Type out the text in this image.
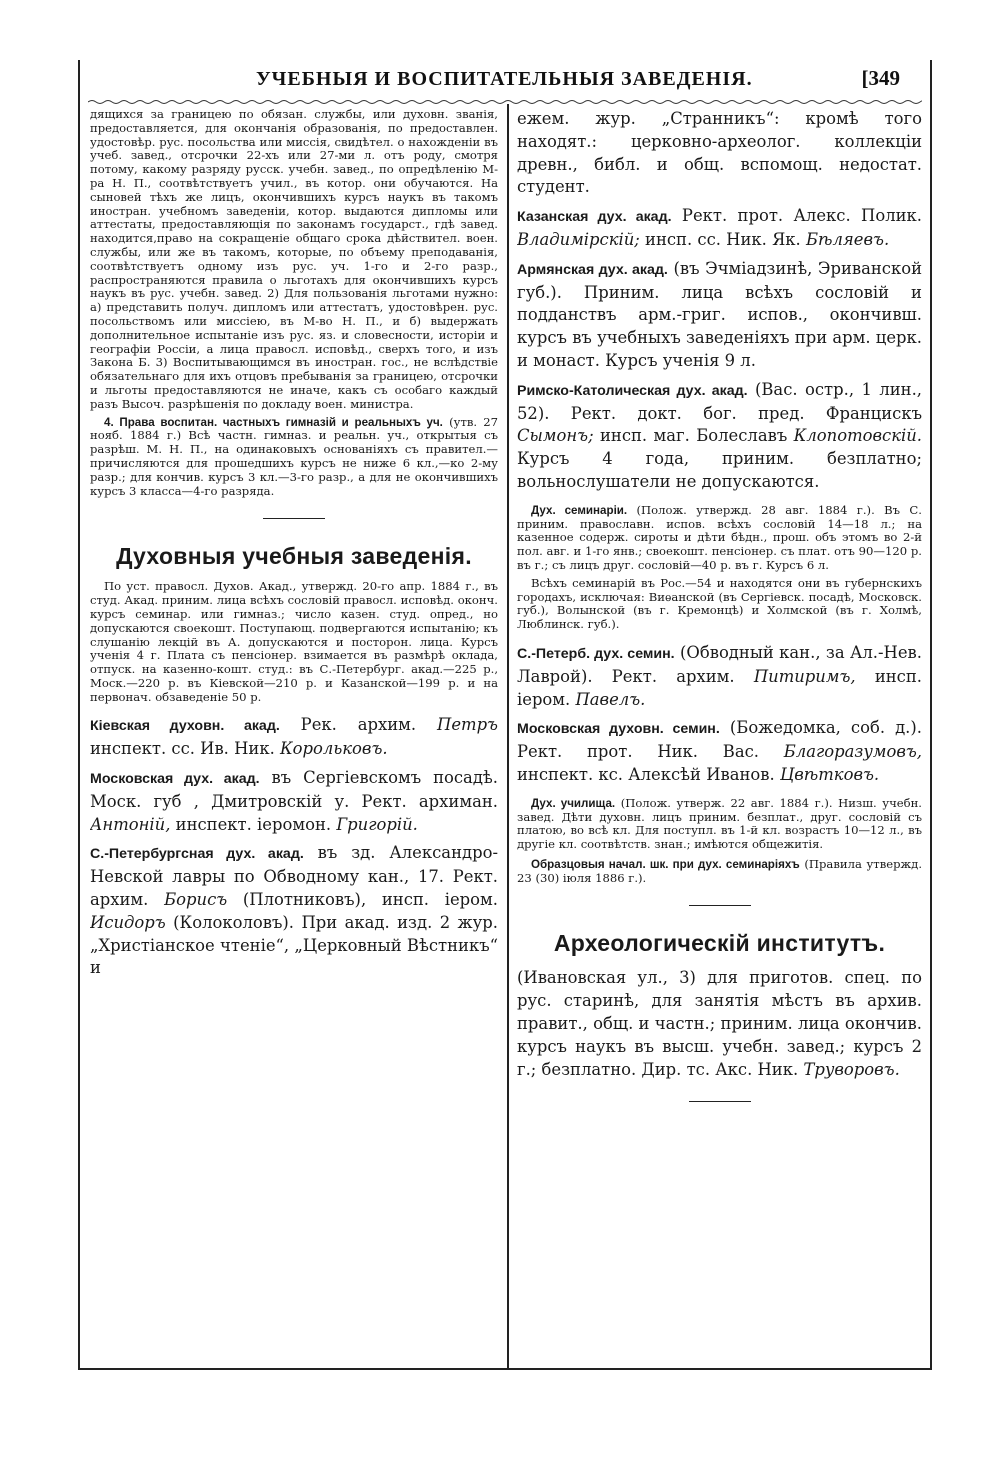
УЧЕБНЫЯ И ВОСПИТАТЕЛЬНЫЯ ЗАВЕДЕНІЯ.	[349

дящихся за границею по обязан. службы, или духовн. званія, предоставляется, для окончанія образованія, по предоставлен. удостовѣр. рус. посольства или миссія, свидѣтел. о нахожденіи въ учеб. завед., отсрочки 22-хъ или 27-ми л. отъ роду, смотря потому, какому разряду русск. учебн. завед., по опредѣленію М-ра Н. П., соотвѣтствуетъ учил., въ котор. они обучаются. На сыновей тѣхъ же лицъ, окончившихъ курсъ наукъ въ такомъ иностран. учебномъ заведеніи, котор. выдаются дипломы или аттестаты, предоставляющія по законамъ государст., гдѣ завед. находится,право на сокращеніе общаго срока дѣйствител. воен. службы, или же въ такомъ, которые, по объему преподаванія, соотвѣтствуетъ одному изъ рус. уч. 1-го и 2-го разр., распространяются правила о льготахъ для окончившихъ курсъ наукъ въ рус. учебн. завед. 2) Для пользованія льготами нужно: а) представить получ. дипломъ или аттестатъ, удостовѣрен. рус. посольствомъ или миссіею, въ М-во Н. П., и б) выдержать дополнительное испытаніе изъ рус. яз. и словесности, исторіи и географіи Россіи, а лица правосл. исповѣд., сверхъ того, и изъ Закона Б. 3) Воспитывающимся въ иностран. гос., не вслѣдствіе обязательнаго для ихъ отцовъ пребыванія за границею, отсрочки и льготы предоставляются не иначе, какъ съ особаго каждый разъ Высоч. разрѣшенія по докладу воен. министра.

4. Права воспитан. частныхъ гимназій и реальныхъ уч. (утв. 27 нояб. 1884 г.) Всѣ частн. гимназ. и реальн. уч., открытыя съ разрѣш. М. Н. П., на одинаковыхъ основаніяхъ съ правител.—причисляются для прошедшихъ курсъ не ниже 6 кл.,—ко 2-му разр.; для кончив. курсъ 3 кл.—3-го разр., а для не окончившихъ курсъ 3 класса—4-го разряда.

Духовныя учебныя заведенія.

По уст. правосл. Духов. Акад., утвержд. 20-го апр. 1884 г., въ студ. Акад. приним. лица всѣхъ сословій правосл. исповѣд. оконч. курсъ семинар. или гимназ.; число казен. студ. опред., но допускаются своекошт. Поступающ. подвергаются испытанію; къ слушанію лекцій въ А. допускаются и посторон. лица. Курсъ ученія 4 г. Плата съ пенсіонер. взимается въ размѣрѣ оклада, отпуск. на казенно-кошт. студ.: въ С.-Петербург. акад.—225 р., Моск.—220 р. въ Кіевской—210 р. и Казанской—199 р. и на первонач. обзаведеніе 50 р.

Кіевская духовн. акад. Рек. архим. Петръ инспект. сс. Ив. Ник. Корольковъ.

Московская дух. акад. въ Сергіевскомъ посадѣ. Моск. губ , Дмитровскій у. Рект. архиман. Антоній, инспект. іеромон. Григорій.

С.-Петербургсная дух. акад. въ зд. Александро-Невской лавры по Обводному кан., 17. Рект. архим. Борисъ (Плотниковъ), инсп. іером. Исидоръ (Колоколовъ). При акад. изд. 2 жур. „Христіанское чтеніе“, „Церковный Вѣстникъ“ и

ежем. жур. „Странникъ“: кромѣ того находят.: церковно-археолог. коллекціи древн., библ. и общ. вспомощ. недостат. студент.

Казанская дух. акад. Рект. прот. Алекс. Полик. Владимірскій; инсп. сс. Ник. Як. Бѣляевъ.

Армянская дух. акад. (въ Эчміадзинѣ, Эриванской губ.). Приним. лица всѣхъ сословій и подданствъ арм.-григ. испов., окончивш. курсъ въ учебныхъ заведеніяхъ при арм. церк. и монаст. Курсъ ученія 9 л.

Римско-Католическая дух. акад. (Вас. остр., 1 лин., 52). Рект. докт. бог. пред. Францискъ Сымонъ; инсп. маг. Болеславъ Клопотовскій. Курсъ 4 года, приним. безплатно; вольнослушатели не допускаются.

Дух. семинаріи. (Полож. утвержд. 28 авг. 1884 г.). Въ С. приним. православн. испов. всѣхъ сословій 14—18 л.; на казенное содерж. сироты и дѣти бѣдн., прош. объ этомъ во 2-й пол. авг. и 1-го янв.; своекошт. пенсіонер. съ плат. отъ 90—120 р. въ г.; съ лицъ друг. сословій—40 р. въ г. Курсъ 6 л.

Всѣхъ семинарій въ Рос.—54 и находятся они въ губернскихъ городахъ, исключая: Виѳанской (въ Сергіевск. посадѣ, Московск. губ.), Волынской (въ г. Кремонцѣ) и Холмской (въ г. Холмѣ, Люблинск. губ.).

С.-Петерб. дух. семин. (Обводный кан., за Ал.-Нев. Лаврой). Рект. архим. Питиримъ, инсп. іером. Павелъ.

Московская духовн. семин. (Божедомка, соб. д.). Рект. прот. Ник. Вас. Благоразумовъ, инспект. кс. Алексѣй Иванов. Цвѣтковъ.

Дух. училища. (Полож. утверж. 22 авг. 1884 г.). Низш. учебн. завед. Дѣти духовн. лицъ приним. безплат., друг. сословій съ платою, во всѣ кл. Для поступл. въ 1-й кл. возрастъ 10—12 л., въ другіе кл. соотвѣтств. знан.; имѣются общежитія.

Образцовыя начал. шк. при дух. семинаріяхъ (Правила утвержд. 23 (30) іюля 1886 г.).

Археологическій институтъ.

(Ивановская ул., 3) для приготов. спец. по рус. старинѣ, для занятія мѣстъ въ архив. правит., общ. и частн.; приним. лица окончив. курсъ наукъ въ высш. учебн. завед.; курсъ 2 г.; безплатно. Дир. тс. Акс. Ник. Труворовъ.
